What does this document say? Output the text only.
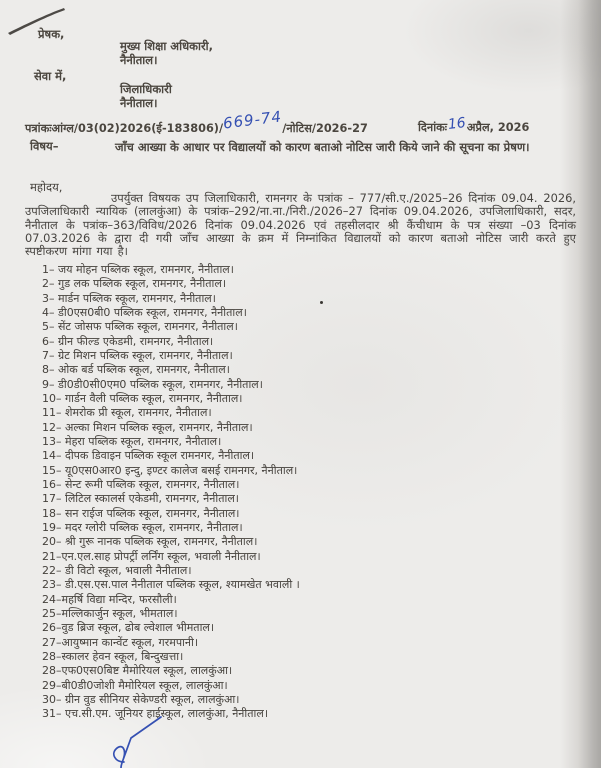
प्रेषक,
मुख्य शिक्षा अधिकारी,
नैनीताल।
सेवा में,
जिलाधिकारी
नैनीताल।
पत्रांकःआंग्ल/03(02)2026(ई-183806)/669-74/नोटिस/2026-27	दिनांकः16अप्रैल, 2026
विषय–	जाँच आख्या के आधार पर विद्यालयों को कारण बताओ नोटिस जारी किये जाने की सूचना का प्रेषण।
महोदय,
उपर्युक्त विषयक उप जिलाधिकारी, रामनगर के पत्रांक – 777/सी.ए./2025–26 दिनांक 09.04. 2026, उपजिलाधिकारी न्यायिक (लालकुंआ) के पत्रांक–292/ना.ना./निरी./2026–27 दिनांक 09.04.2026, उपजिलाधिकारी, सदर, नैनीताल के पत्रांक–363/विविध/2026 दिनांक 09.04.2026 एवं तहसीलदार श्री कैंचीधाम के पत्र संख्या –03 दिनांक 07.03.2026 के द्वारा दी गयी जाँच आख्या के क्रम में निम्नांकित विद्यालयों को कारण बताओ नोटिस जारी करते हुए स्पष्टीकरण मांगा गया है।
1– जय मोहन पब्लिक स्कूल, रामनगर, नैनीताल।
2– गुड लक पब्लिक स्कूल, रामनगर, नैनीताल।
3– मार्डन पब्लिक स्कूल, रामनगर, नैनीताल।
4– डी0एस0बी0 पब्लिक स्कूल, रामनगर, नैनीताल।
5– सेंट जोसफ पब्लिक स्कूल, रामनगर, नैनीताल।
6– ग्रीन फील्ड एकेडमी, रामनगर, नैनीताल।
7– ग्रेट मिशन पब्लिक स्कूल, रामनगर, नैनीताल।
8– ओक बर्ड पब्लिक स्कूल, रामनगर, नैनीताल।
9– डी0डी0सी0एम0 पब्लिक स्कूल, रामनगर, नैनीताल।
10– गार्डन वैली पब्लिक स्कूल, रामनगर, नैनीताल।
11– शेमरोक प्री स्कूल, रामनगर, नैनीताल।
12– अल्का मिशन पब्लिक स्कूल, रामनगर, नैनीताल।
13– मेहरा पब्लिक स्कूल, रामनगर, नैनीताल।
14– दीपक डिवाइन पब्लिक स्कूल रामनगर, नैनीताल।
15– यू0एस0आर0 इन्दु, इण्टर कालेज बसई रामनगर, नैनीताल।
16– सेन्ट रूमी पब्लिक स्कूल, रामनगर, नैनीताल।
17– लिटिल स्कालर्स एकेडमी, रामनगर, नैनीताल।
18– सन राईज पब्लिक स्कूल, रामनगर, नैनीताल।
19– मदर ग्लोरी पब्लिक स्कूल, रामनगर, नैनीताल।
20– श्री गुरू नानक पब्लिक स्कूल, रामनगर, नैनीताल।
21–एन.एल.साह प्रोपर्ट्री लर्निंग स्कूल, भवाली नैनीताल।
22– डी विटो स्कूल, भवाली नैनीताल।
23– डी.एस.एस.पाल नैनीताल पब्लिक स्कूल, श्यामखेत भवाली ।
24–महर्षि विद्या मन्दिर, फरसौली।
25–मल्लिकार्जुन स्कूल, भीमताल।
26–वुड ब्रिज स्कूल, ढोब ल्वेशाल भीमताल।
27–आयुष्मान कान्वेंट स्कूल, गरमपानी।
28–स्कालर हेवन स्कूल, बिन्दुखत्ता।
28–एफ0एस0बिष्ट मैमोरियल स्कूल, लालकुंआ।
29–बी0डी0जोशी मैमोरियल स्कूल, लालकुंआ।
30– ग्रीन वुड सीनियर सेकेण्डरी स्कूल, लालकुंआ।
31– एच.सी.एम. जूनियर हाईस्कूल, लालकुंआ, नैनीताल।
